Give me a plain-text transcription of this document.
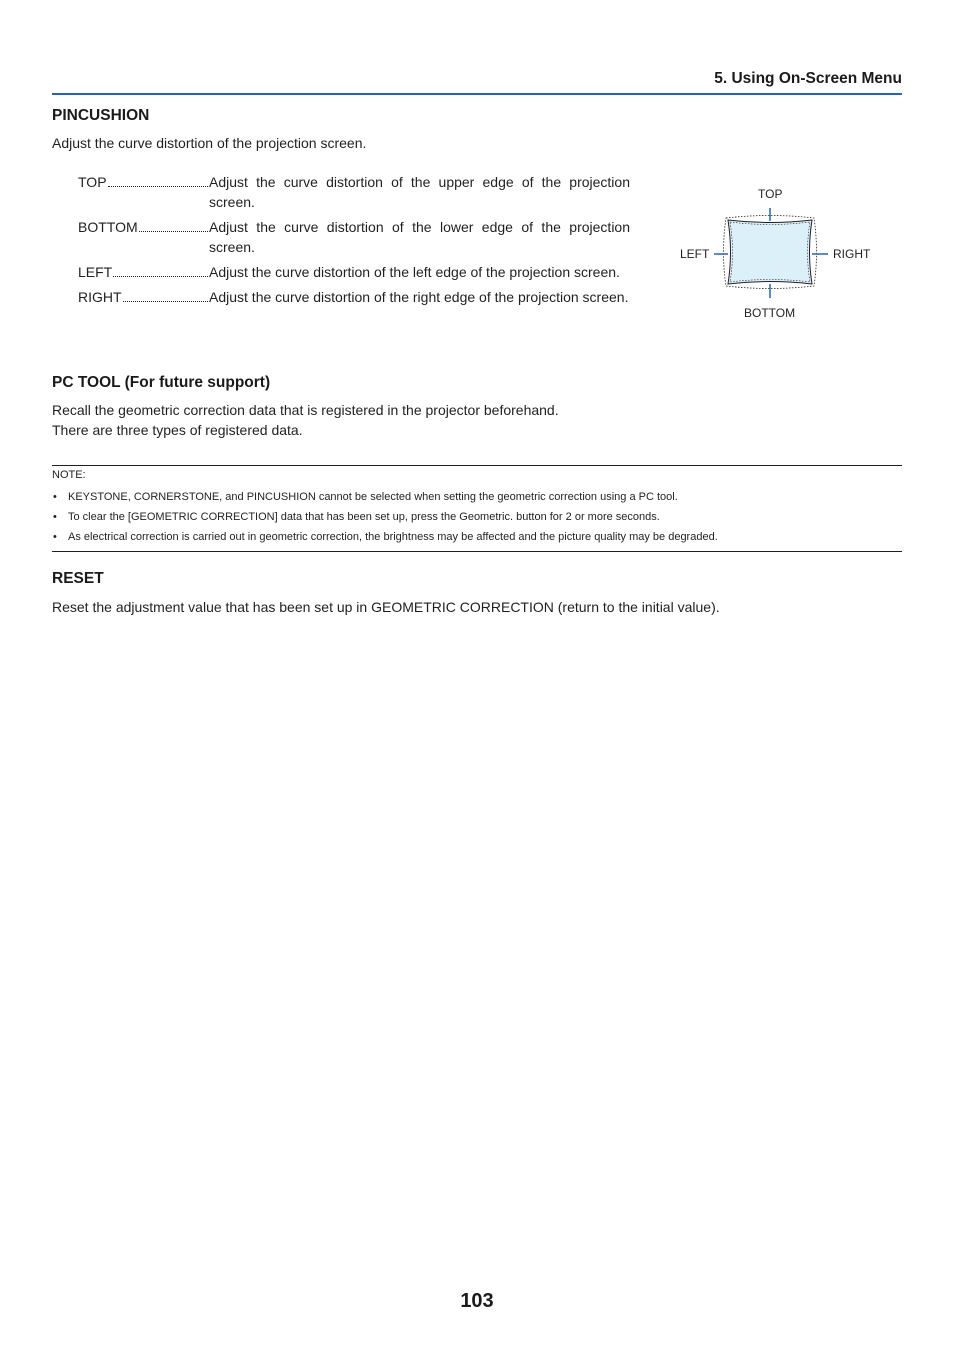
5. Using On-Screen Menu
PINCUSHION

Adjust the curve distortion of the projection screen.

TOP	Adjust the curve distortion of the upper edge of the projection screen.
BOTTOM	Adjust the curve distortion of the lower edge of the projection screen.
LEFT	Adjust the curve distortion of the left edge of the projection screen.
RIGHT	Adjust the curve distortion of the right edge of the projection screen.
TOP
BOTTOM
LEFT	RIGHT
PC TOOL (For future support)

Recall the geometric correction data that is registered in the projector beforehand.

There are three types of registered data.

NOTE:
• KEYSTONE, CORNERSTONE, and PINCUSHION cannot be selected when setting the geometric correction using a PC tool.
• To clear the [GEOMETRIC CORRECTION] data that has been set up, press the Geometric. button for 2 or more seconds.
• As electrical correction is carried out in geometric correction, the brightness may be affected and the picture quality may be degraded.
RESET

Reset the adjustment value that has been set up in GEOMETRIC CORRECTION (return to the initial value).

103
